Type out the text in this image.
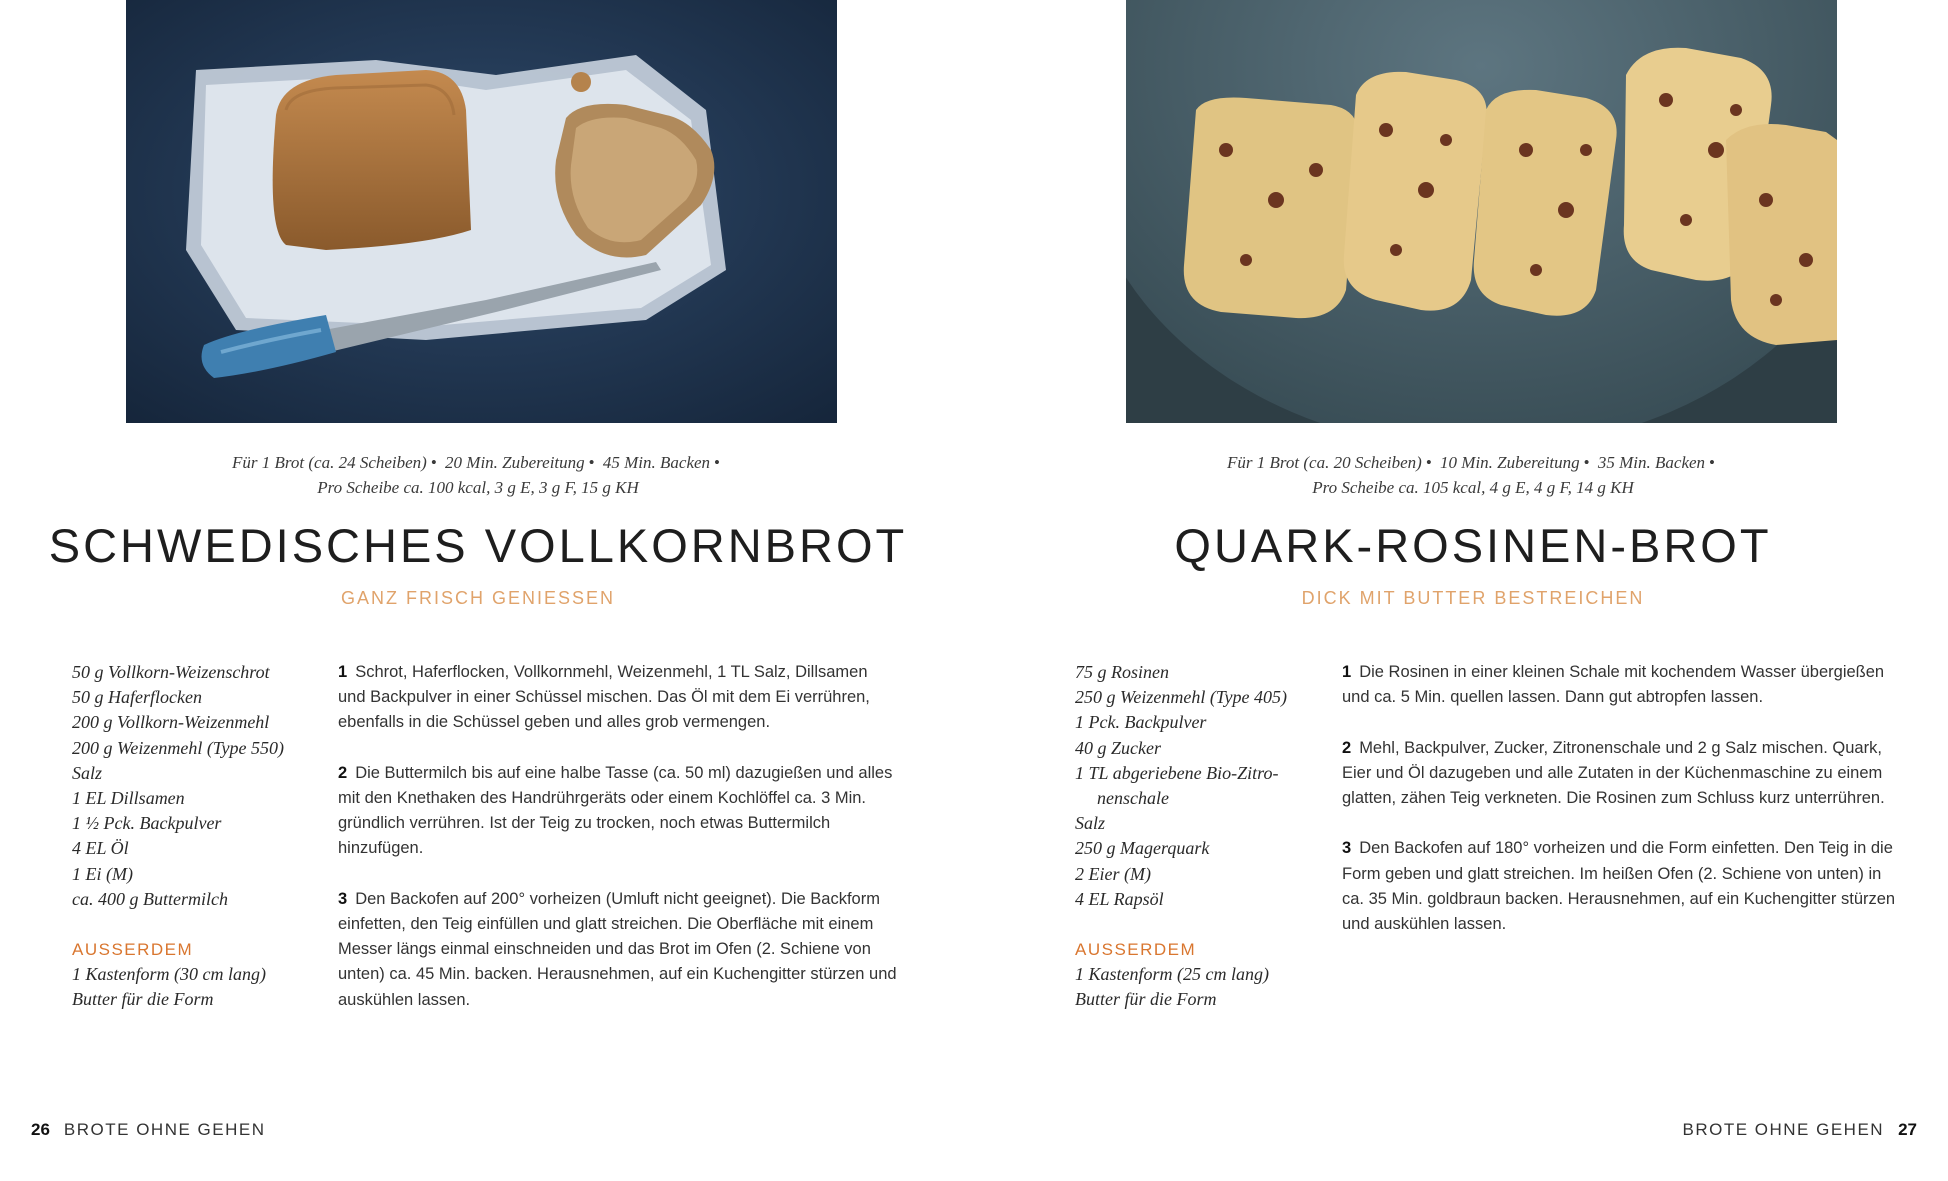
Für 1 Brot (ca. 24 Scheiben) • 20 Min. Zubereitung • 45 Min. Backen •
Pro Scheibe ca. 100 kcal, 3 g E, 3 g F, 15 g KH
SCHWEDISCHES VOLLKORNBROT
GANZ FRISCH GENIESSEN
50 g Vollkorn-Weizenschrot
50 g Haferflocken
200 g Vollkorn-Weizenmehl
200 g Weizenmehl (Type 550)
Salz
1 EL Dillsamen
1 ½ Pck. Backpulver
4 EL Öl
1 Ei (M)
ca. 400 g Buttermilch
AUSSERDEM
1 Kastenform (30 cm lang)
Butter für die Form
1 Schrot, Haferflocken, Vollkornmehl, Weizenmehl, 1 TL Salz, Dillsamen und Backpulver in einer Schüssel mischen. Das Öl mit dem Ei verrühren, ebenfalls in die Schüssel geben und alles grob vermengen.
2 Die Buttermilch bis auf eine halbe Tasse (ca. 50 ml) dazugießen und alles mit den Knethaken des Handrührgeräts oder einem Kochlöffel ca. 3 Min. gründlich verrühren. Ist der Teig zu trocken, noch etwas Buttermilch hinzufügen.
3 Den Backofen auf 200° vorheizen (Umluft nicht geeignet). Die Backform einfetten, den Teig einfüllen und glatt streichen. Die Oberfläche mit einem Messer längs einmal einschneiden und das Brot im Ofen (2. Schiene von unten) ca. 45 Min. backen. Herausnehmen, auf ein Kuchengitter stürzen und auskühlen lassen.
26 BROTE OHNE GEHEN
Für 1 Brot (ca. 20 Scheiben) • 10 Min. Zubereitung • 35 Min. Backen •
Pro Scheibe ca. 105 kcal, 4 g E, 4 g F, 14 g KH
QUARK-ROSINEN-BROT
DICK MIT BUTTER BESTREICHEN
75 g Rosinen
250 g Weizenmehl (Type 405)
1 Pck. Backpulver
40 g Zucker
1 TL abgeriebene Bio-Zitro-
nenschale
Salz
250 g Magerquark
2 Eier (M)
4 EL Rapsöl
AUSSERDEM
1 Kastenform (25 cm lang)
Butter für die Form
1 Die Rosinen in einer kleinen Schale mit kochendem Wasser übergießen und ca. 5 Min. quellen lassen. Dann gut abtropfen lassen.
2 Mehl, Backpulver, Zucker, Zitronenschale und 2 g Salz mischen. Quark, Eier und Öl dazugeben und alle Zutaten in der Küchenmaschine zu einem glatten, zähen Teig verkneten. Die Rosinen zum Schluss kurz unterrühren.
3 Den Backofen auf 180° vorheizen und die Form einfetten. Den Teig in die Form geben und glatt streichen. Im heißen Ofen (2. Schiene von unten) in ca. 35 Min. goldbraun backen. Herausnehmen, auf ein Kuchengitter stürzen und auskühlen lassen.
BROTE OHNE GEHEN 27
